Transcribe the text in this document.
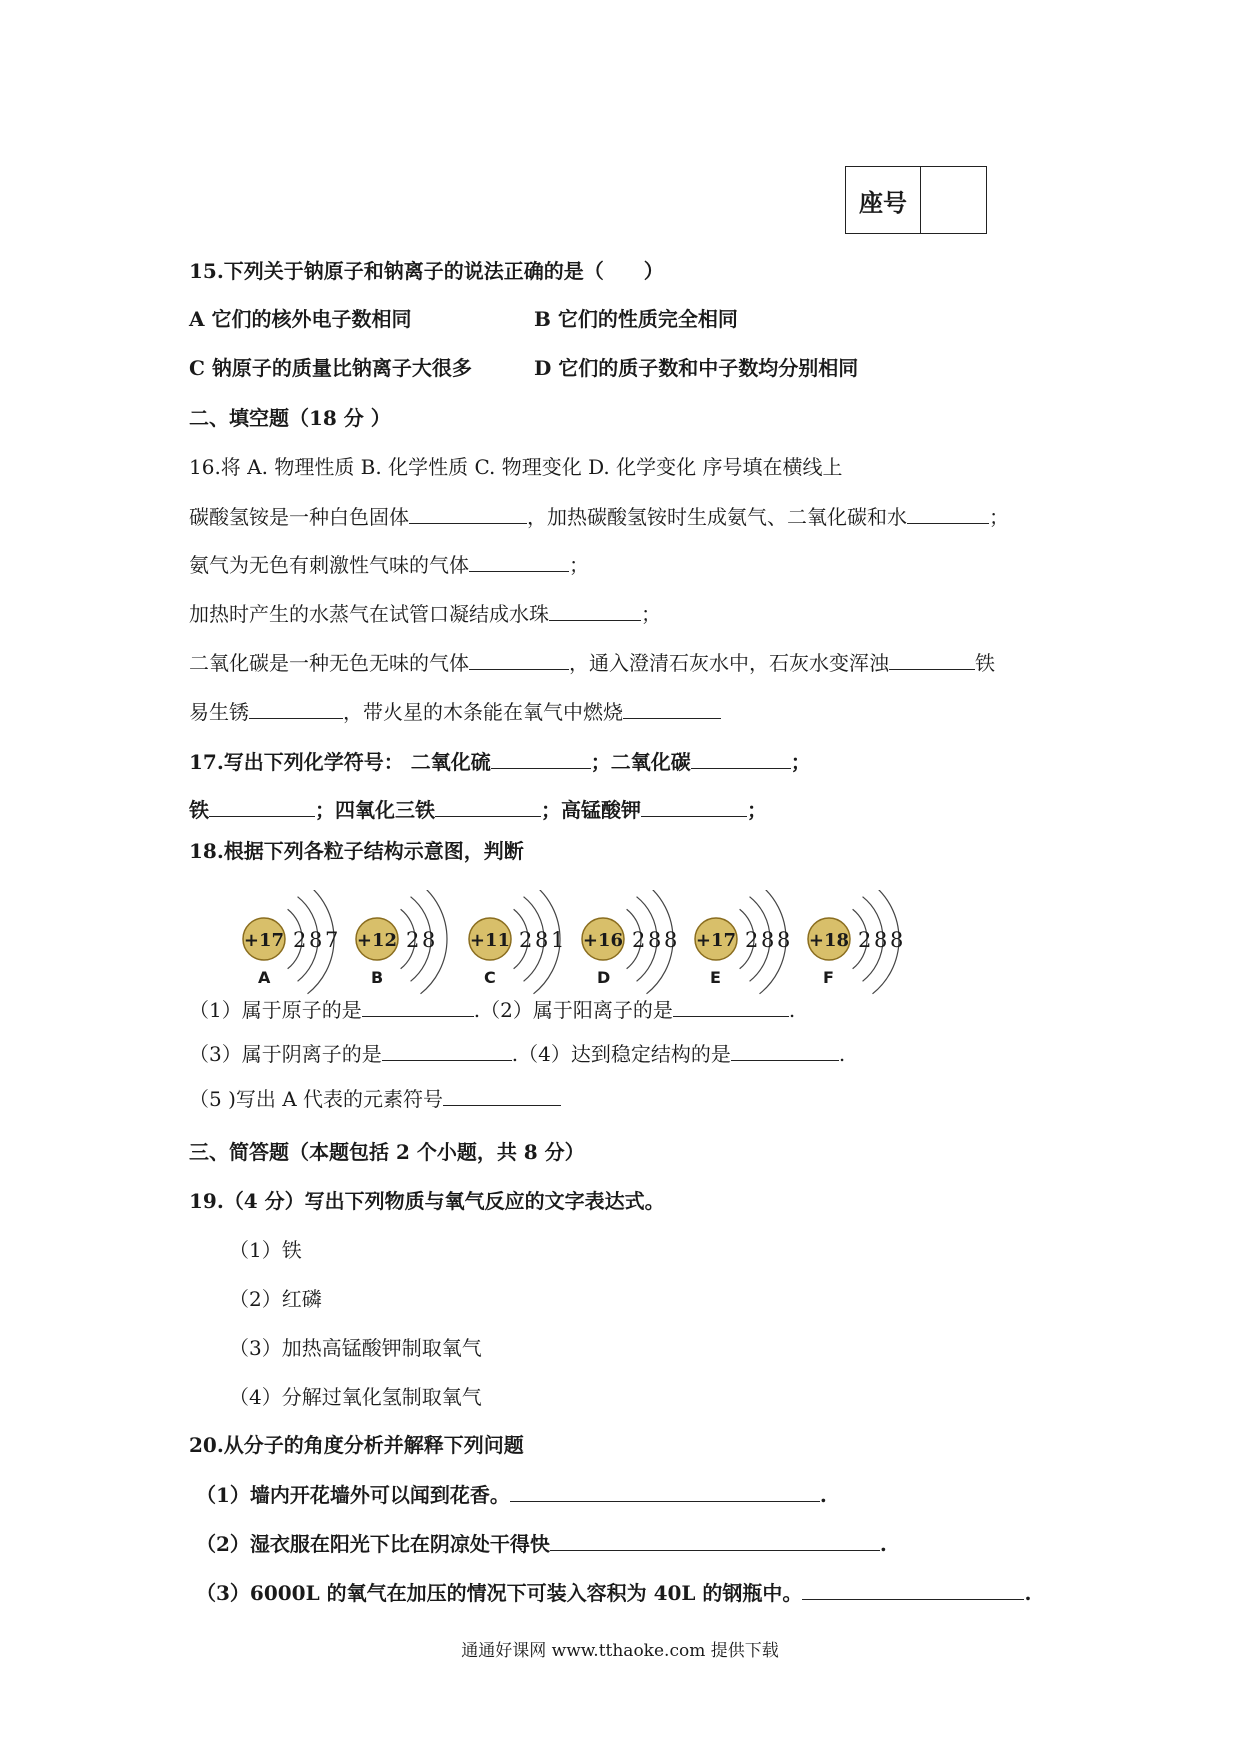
座号
15.下列关于钠原子和钠离子的说法正确的是（　　）
A 它们的核外电子数相同	B 它们的性质完全相同
C 钠原子的质量比钠离子大很多	D 它们的质子数和中子数均分别相同
二、填空题（18 分 ）
16.将 A. 物理性质 B. 化学性质 C. 物理变化 D. 化学变化 序号填在横线上
碳酸氢铵是一种白色固体	，加热碳酸氢铵时生成氨气、二氧化碳和水	；
氨气为无色有刺激性气味的气体	；
加热时产生的水蒸气在试管口凝结成水珠	；
二氧化碳是一种无色无味的气体	，通入澄清石灰水中，石灰水变浑浊	铁
易生锈	，带火星的木条能在氧气中燃烧
17.写出下列化学符号： 二氧化硫	；二氧化碳	；
铁	；四氧化三铁	；高锰酸钾	；
18.根据下列各粒子结构示意图，判断
+17 2 8 7
A
+12 2 8
B
+11 2 8 1
C
+16 2 8 8
D
+17 2 8 8
E
+18 2 8 8
F
（1）属于原子的是	.（2）属于阳离子的是	.
（3）属于阴离子的是	.（4）达到稳定结构的是	.
（5 )写出 A 代表的元素符号
三、简答题（本题包括 2 个小题，共 8 分）
19.（4 分）写出下列物质与氧气反应的文字表达式。
（1）铁
（2）红磷
（3）加热高锰酸钾制取氧气
（4）分解过氧化氢制取氧气
20.从分子的角度分析并解释下列问题
（1）墙内开花墙外可以闻到花香。	.
（2）湿衣服在阳光下比在阴凉处干得快	.
（3）6000L 的氧气在加压的情况下可装入容积为 40L 的钢瓶中。	.
通通好课网 www.tthaoke.com 提供下载
